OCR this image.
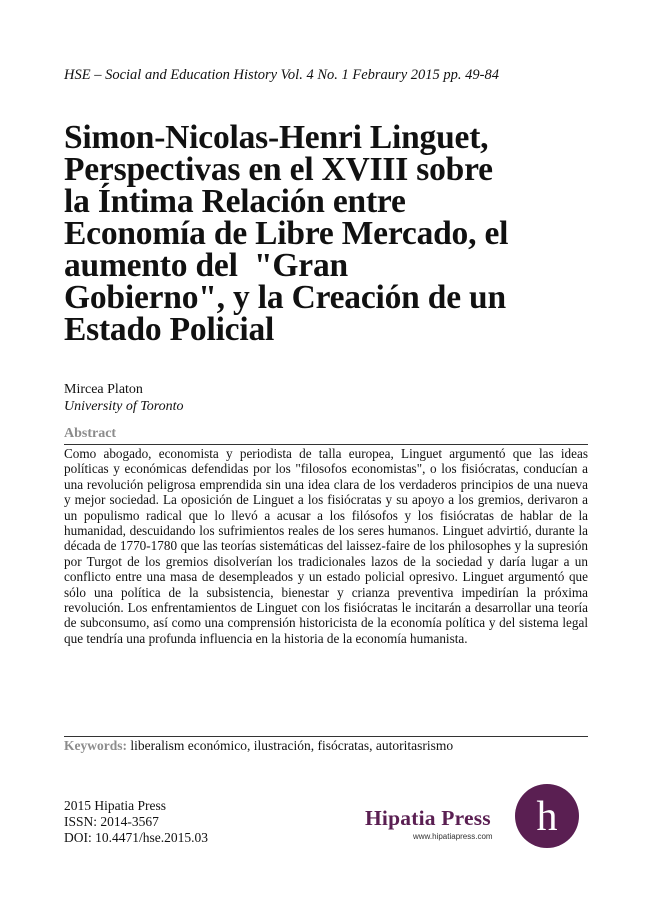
HSE – Social and Education History Vol. 4 No. 1 Febraury 2015 pp. 49-84
Simon-Nicolas-Henri Linguet,
Perspectivas en el XVIII sobre
la Íntima Relación entre
Economía de Libre Mercado, el
aumento del  "Gran
Gobierno", y la Creación de un
Estado Policial
Mircea Platon
University of Toronto
Abstract

Como abogado, economista y periodista de talla europea, Linguet argumentó que las ideas políticas y económicas defendidas por los "filosofos economistas", o los fisiócratas, conducían a una revolución peligrosa emprendida sin una idea clara de los verdaderos principios de una nueva y mejor sociedad. La oposición de Linguet a los fisiócratas y su apoyo a los gremios, derivaron a un populismo radical que lo llevó a acusar a los filósofos y los fisiócratas de hablar de la humanidad, descuidando los sufrimientos reales de los seres humanos. Linguet advirtió, durante la década de 1770-1780 que las teorías sistemáticas del laissez-faire de los philosophes y la supresión por Turgot de los gremios disolverían los tradicionales lazos de la sociedad y daría lugar a un conflicto entre una masa de desempleados y un estado policial opresivo. Linguet argumentó que sólo una política de la subsistencia, bienestar y crianza preventiva impedirían la próxima revolución. Los enfrentamientos de Linguet con los fisiócratas le incitarán a desarrollar una teoría de subconsumo, así como una comprensión historicista de la economía política y del sistema legal que tendría una profunda influencia en la historia de la economía humanista.

Keywords: liberalism económico, ilustración, fisócratas, autoritasrismo
2015 Hipatia Press
ISSN: 2014-3567
DOI: 10.4471/hse.2015.03
Hipatia Press
www.hipatiapress.com h
